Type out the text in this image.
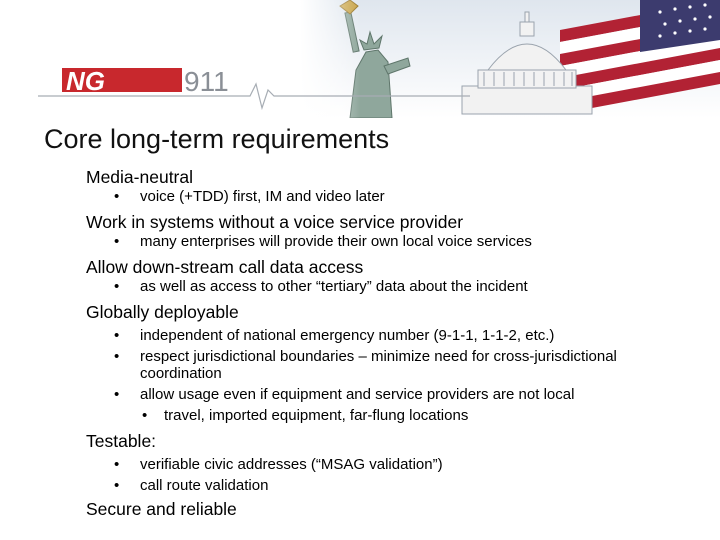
NG	911
Core long-term requirements

Media-neutral

• voice (+TDD) first, IM and video later

Work in systems without a voice service provider

• many enterprises will provide their own local voice services

Allow down-stream call data access

• as well as access to other “tertiary” data about the incident

Globally deployable

• independent of national emergency number (9-1-1, 1-1-2, etc.)

• respect jurisdictional boundaries – minimize need for cross-jurisdictional coordination

• allow usage even if equipment and service providers are not local

• travel, imported equipment, far-flung locations

Testable:

• verifiable civic addresses (“MSAG validation”)

• call route validation

Secure and reliable
